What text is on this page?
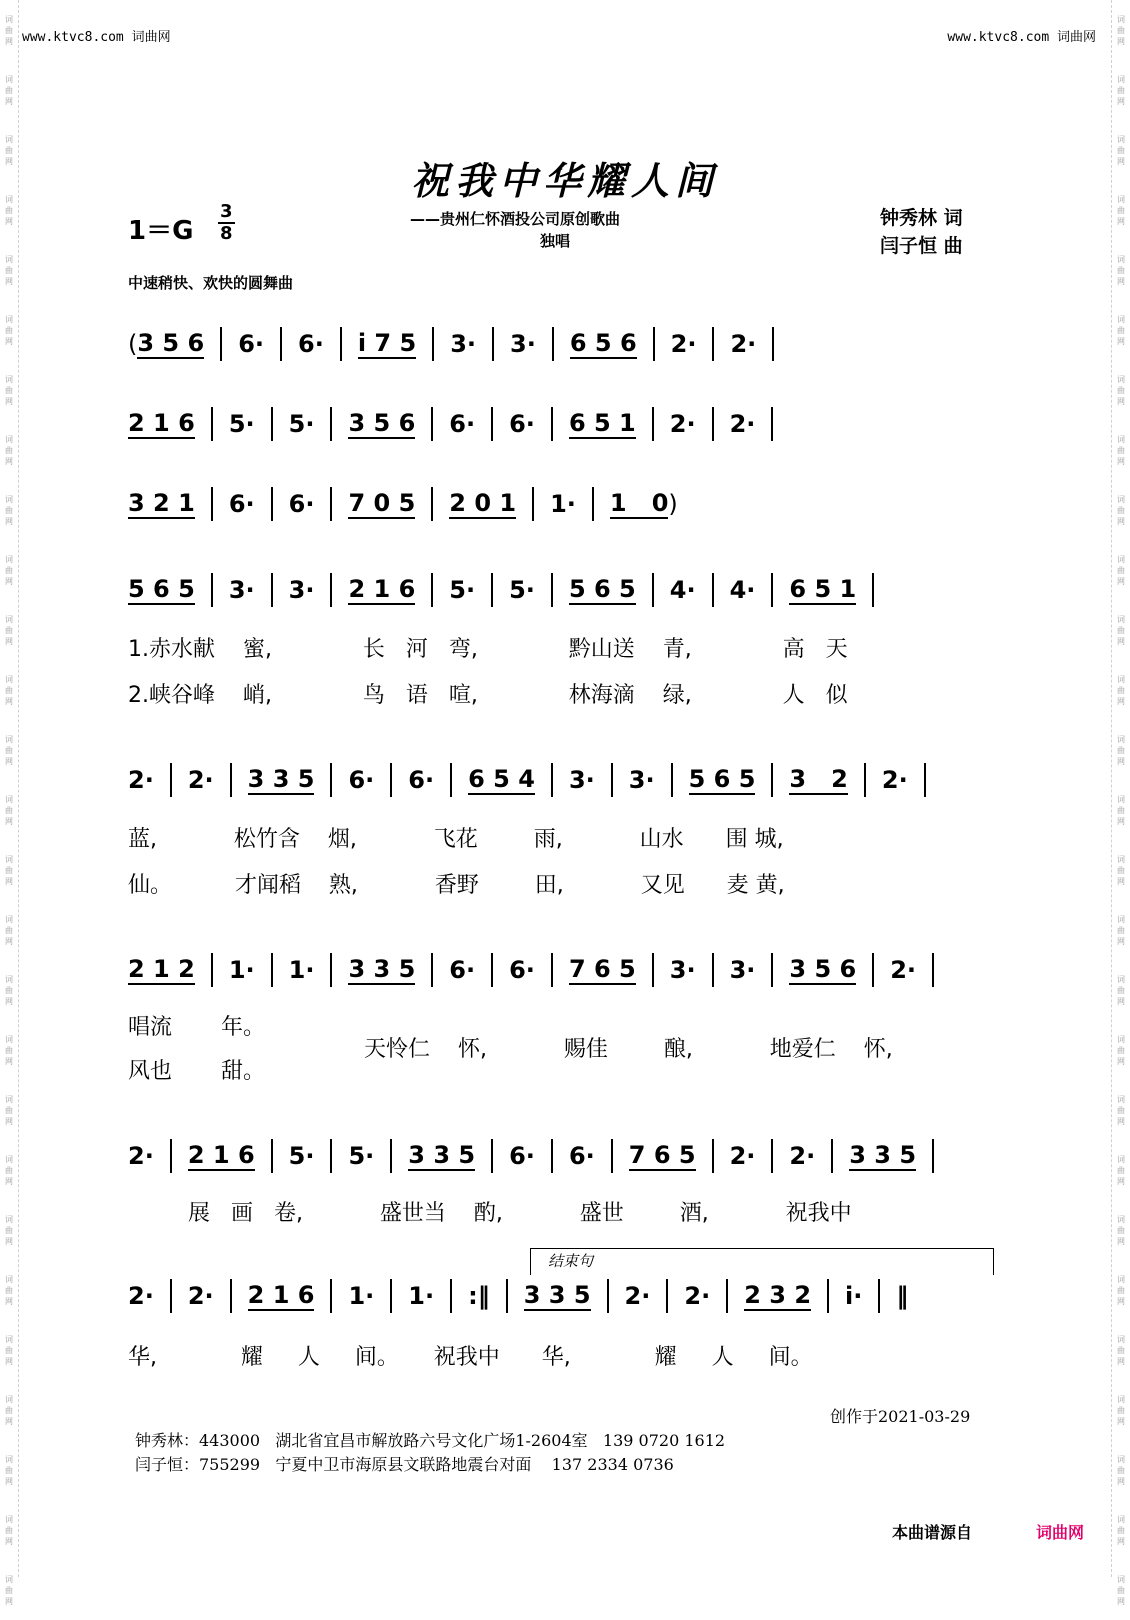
词
曲
网
词
曲
网
词
曲
网
词
曲
网
词
曲
网
词
曲
网
词
曲
网
词
曲
网
词
曲
网
词
曲
网
词
曲
网
词
曲
网
词
曲
网
词
曲
网
词
曲
网
词
曲
网
词
曲
网
词
曲
网
词
曲
网
词
曲
网
词
曲
网
词
曲
网
词
曲
网
词
曲
网
词
曲
网
词
曲
网
词
曲
网
词
曲
网
词
曲
网
词
曲
网
词
曲
网
词
曲
网
词
曲
网
词
曲
网
词
曲
网
词
曲
网
词
曲
网
词
曲
网
词
曲
网
词
曲
网
词
曲
网
词
曲
网
词
曲
网
词
曲
网
词
曲
网
词
曲
网
词
曲
网
词
曲
网
词
曲
网
词
曲
网
词
曲
网
词
曲
网
词
曲
网
词
曲
网
www.ktvc8.com 词曲网	www.ktvc8.com 词曲网
祝我中华耀人间
——贵州仁怀酒投公司原创歌曲
独唱
1＝G
3
8
钟秀林 词
闫子恒 曲
中速稍快、欢快的圆舞曲
( 3 5 6 6· 6· i 7 5 3· 3· 6 5 6 2· 2·
2 1 6 5· 5· 3 5 6 6· 6· 6 5 1 2· 2·
3 2 1 6· 6· 7 0 5 2 0 1 1· 1   0 )
5 6 5 3· 3· 2 1 6 5· 5· 5 6 5 4· 4· 6 5 1
1.赤水献    蜜,             长   河   弯,             黔山送    青,             高   天
2.峡谷峰    峭,             鸟   语   喧,             林海滴    绿,             人   似
2· 2· 3 3 5 6· 6· 6 5 4 3· 3· 5 6 5 3   2 2·
蓝,           松竹含    烟,           飞花        雨,           山水      围 城,
仙。         才闻稻    熟,           香野        田,           又见      麦 黄,
2 1 2 1· 1· 3 3 5 6· 6· 7 6 5 3· 3· 3 5 6 2·
唱流       年。
风也       甜。
天怜仁    怀,           赐佳        酿,           地爱仁    怀,
2· 2 1 6 5· 5· 3 3 5 6· 6· 7 6 5 2· 2· 3 3 5
展   画   卷,           盛世当    酌,           盛世        酒,           祝我中
结束句
2· 2· 2 1 6 1· 1· :‖ 3 3 5 2· 2· 2 3 2 i· ‖
华,            耀     人     间。     祝我中      华,            耀     人     间。
创作于2021-03-29
钟秀林：443000   湖北省宜昌市解放路六号文化广场1-2604室   139 0720 1612
闫子恒：755299   宁夏中卫市海原县文联路地震台对面    137 2334 0736
本曲谱源自	词曲网
